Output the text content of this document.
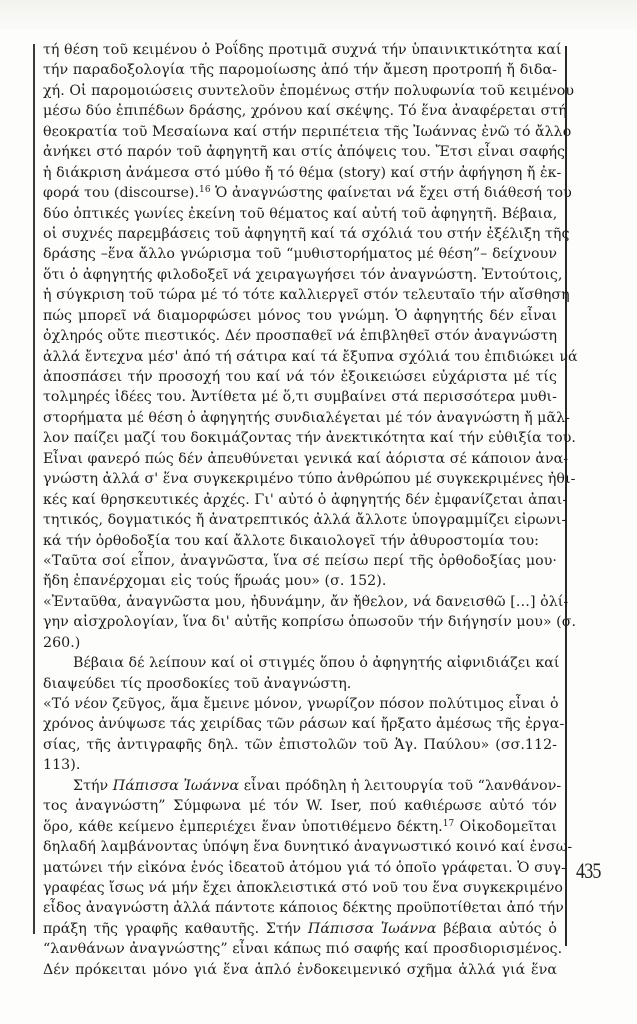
τή θέση τοῦ κειμένου ὁ Ροΐδης προτιμᾶ συχνά τήν ὑπαινικτικότητα καί
τήν παραδοξολογία τῆς παρομοίωσης ἀπό τήν ἄμεση προτροπή ἤ διδα-
χή. Οἱ παρομοιώσεις συντελοῦν ἑπομένως στήν πολυφωνία τοῦ κειμένου
μέσω δύο ἐπιπέδων δράσης, χρόνου καί σκέψης. Τό ἕνα ἀναφέρεται στή
θεοκρατία τοῦ Μεσαίωνα καί στήν περιπέτεια τῆς Ἰωάννας ἐνῶ τό ἄλλο
ἀνήκει στό παρόν τοῦ ἀφηγητῆ και στίς ἀπόψεις του. Ἔτσι εἶναι σαφής
ἡ διάκριση ἀνάμεσα στό μύθο ἤ τό θέμα (story) καί στήν ἀφήγηση ἤ ἐκ-
φορά του (discourse).$^{16}$ Ὁ ἀναγνώστης φαίνεται νά ἔχει στή διάθεσή του
δύο ὀπτικές γωνίες ἐκείνη τοῦ θέματος καί αὐτή τοῦ ἀφηγητῆ. Βέβαια,
οἱ συχνές παρεμβάσεις τοῦ ἀφηγητῆ καί τά σχόλιά του στήν ἐξέλιξη τῆς
δράσης –ἕνα ἄλλο γνώρισμα τοῦ “μυθιστορήματος μέ θέση”– δείχνουν
ὅτι ὁ ἀφηγητής φιλοδοξεῖ νά χειραγωγήσει τόν ἀναγνώστη. Ἐντούτοις,
ἡ σύγκριση τοῦ τώρα μέ τό τότε καλλιεργεῖ στόν τελευταῖο τήν αἴσθηση
πώς μπορεῖ νά διαμορφώσει μόνος του γνώμη. Ὁ ἀφηγητής δέν εἶναι
ὀχληρός οὔτε πιεστικός. Δέν προσπαθεῖ νά ἐπιβληθεῖ στόν ἀναγνώστη
ἀλλά ἔντεχνα μέσ' ἀπό τή σάτιρα καί τά ἔξυπνα σχόλιά του ἐπιδιώκει νά
ἀποσπάσει τήν προσοχή του καί νά τόν ἐξοικειώσει εὐχάριστα μέ τίς
τολμηρές ἰδέες του. Ἀντίθετα μέ ὅ,τι συμβαίνει στά περισσότερα μυθι-
στορήματα μέ θέση ὁ ἀφηγητής συνδιαλέγεται μέ τόν ἀναγνώστη ἤ μᾶλ-
λον παίζει μαζί του δοκιμάζοντας τήν ἀνεκτικότητα καί τήν εὐθιξία του.
Εἶναι φανερό πώς δέν ἀπευθύνεται γενικά καί ἀόριστα σέ κάποιον ἀνα-
γνώστη ἀλλά σ' ἕνα συγκεκριμένο τύπο ἀνθρώπου μέ συγκεκριμένες ἠθι-
κές καί θρησκευτικές ἀρχές. Γι' αὐτό ὁ ἀφηγητής δέν ἐμφανίζεται ἀπαι-
τητικός, δογματικός ἤ ἀνατρεπτικός ἀλλά ἄλλοτε ὑπογραμμίζει εἰρωνι-
κά τήν ὀρθοδοξία του καί ἄλλοτε δικαιολογεῖ τήν ἀθυροστομία του:
«Ταῦτα σοί εἶπον, ἀναγνῶστα, ἵνα σέ πείσω περί τῆς ὀρθοδοξίας μου·
ἤδη ἐπανέρχομαι εἰς τούς ἥρωάς μου» (σ. 152).
«Ἐνταῦθα, ἀναγνῶστα μου, ἠδυνάμην, ἄν ἤθελον, νά δανεισθῶ […] ὀλί-
γην αἰσχρολογίαν, ἵνα δι' αὐτῆς κοπρίσω ὁπωσοῦν τήν διήγησίν μου» (σ.
260.)
Βέβαια δέ λείπουν καί οἱ στιγμές ὅπου ὁ ἀφηγητής αἰφνιδιάζει καί
διαψεύδει τίς προσδοκίες τοῦ ἀναγνώστη.
«Τό νέον ζεῦγος, ἅμα ἔμεινε μόνον, γνωρίζον πόσον πολύτιμος εἶναι ὁ
χρόνος ἀνύψωσε τάς χειρίδας τῶν ράσων καί ἤρξατο ἀμέσως τῆς ἐργα-
σίας, τῆς ἀντιγραφῆς δηλ. τῶν ἐπιστολῶν τοῦ Ἁγ. Παύλου» (σσ.112-
113).
Στήν Πάπισσα Ἰωάννα εἶναι πρόδηλη ἡ λειτουργία τοῦ “λανθάνον-
τος ἀναγνώστη” Σύμφωνα μέ τόν W. Iser, πού καθιέρωσε αὐτό τόν
ὅρο, κάθε κείμενο ἐμπεριέχει ἕναν ὑποτιθέμενο δέκτη.$^{17}$ Οἰκοδομεῖται
δηλαδή λαμβάνοντας ὑπόψη ἕνα δυνητικό ἀναγνωστικό κοινό καί ἐνσω-
ματώνει τήν εἰκόνα ἑνός ἰδεατοῦ ἀτόμου γιά τό ὁποῖο γράφεται. Ὁ συγ-
γραφέας ἴσως νά μήν ἔχει ἀποκλειστικά στό νοῦ του ἕνα συγκεκριμένο
εἶδος ἀναγνώστη ἀλλά πάντοτε κάποιος δέκτης προϋποτίθεται ἀπό τήν
πράξη τῆς γραφῆς καθαυτῆς. Στήν Πάπισσα Ἰωάννα βέβαια αὐτός ὁ
“λανθάνων ἀναγνώστης” εἶναι κάπως πιό σαφής καί προσδιορισμένος.
Δέν πρόκειται μόνο γιά ἕνα ἁπλό ἐνδοκειμενικό σχῆμα ἀλλά γιά ἕνα
435
